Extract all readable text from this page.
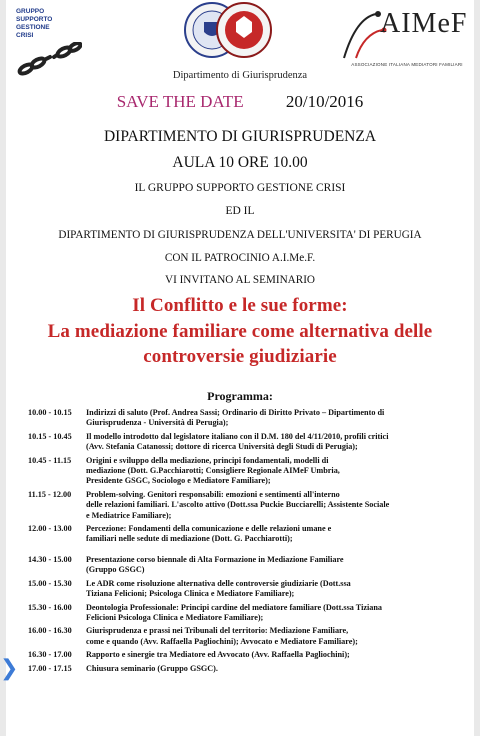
GRUPPO
SUPPORTO
GESTIONE
CRISI	AIMeF
ASSOCIAZIONE ITALIANA MEDIATORI FAMILIARI
Dipartimento di Giurisprudenza
SAVE THE DATE 20/10/2016
DIPARTIMENTO DI GIURISPRUDENZA
AULA 10 ORE 10.00
IL GRUPPO SUPPORTO GESTIONE CRISI
ED IL
DIPARTIMENTO DI GIURISPRUDENZA DELL'UNIVERSITA' DI PERUGIA
CON IL PATROCINIO A.I.Me.F.
VI INVITANO AL SEMINARIO
Il Conflitto e le sue forme:
La mediazione familiare come alternativa delle
controversie giudiziarie
Programma:
10.00 - 10.15	Indirizzi di saluto (Prof. Andrea Sassi; Ordinario di Diritto Privato – Dipartimento di
Giurisprudenza - Università di Perugia);
10.15 - 10.45	Il modello introdotto dal legislatore italiano con il D.M. 180 del 4/11/2010, profili critici
(Avv. Stefania Catanossi; dottore di ricerca Università degli Studi di Perugia);
10.45 - 11.15	Origini e sviluppo della mediazione, principi fondamentali, modelli di
mediazione (Dott. G.Pacchiarotti; Consigliere Regionale AIMeF Umbria,
Presidente GSGC, Sociologo e Mediatore Familiare);
11.15 - 12.00	Problem-solving. Genitori responsabili: emozioni e sentimenti all'interno
delle relazioni familiari. L'ascolto attivo (Dott.ssa Puckie Bucciarelli; Assistente Sociale
e Mediatrice Familiare);
12.00 - 13.00	Percezione: Fondamenti della comunicazione e delle relazioni umane e
familiari nelle sedute di mediazione (Dott. G. Pacchiarotti);
14.30 - 15.00	Presentazione corso biennale di Alta Formazione in Mediazione Familiare
(Gruppo GSGC)
15.00 - 15.30	Le ADR come risoluzione alternativa delle controversie giudiziarie (Dott.ssa
Tiziana Felicioni; Psicologa Clinica e Mediatore Familiare);
15.30 - 16.00	Deontologia Professionale: Principi cardine del mediatore familiare (Dott.ssa Tiziana
Felicioni Psicologa Clinica e Mediatore Familiare);
16.00 - 16.30	Giurisprudenza e prassi nei Tribunali del territorio: Mediazione Familiare,
come e quando (Avv. Raffaella Pagliochini); Avvocato e Mediatore Familiare);
16.30 - 17.00	Rapporto e sinergie tra Mediatore ed Avvocato (Avv. Raffaella Pagliochini);
17.00 - 17.15	Chiusura seminario (Gruppo GSGC).
❯
